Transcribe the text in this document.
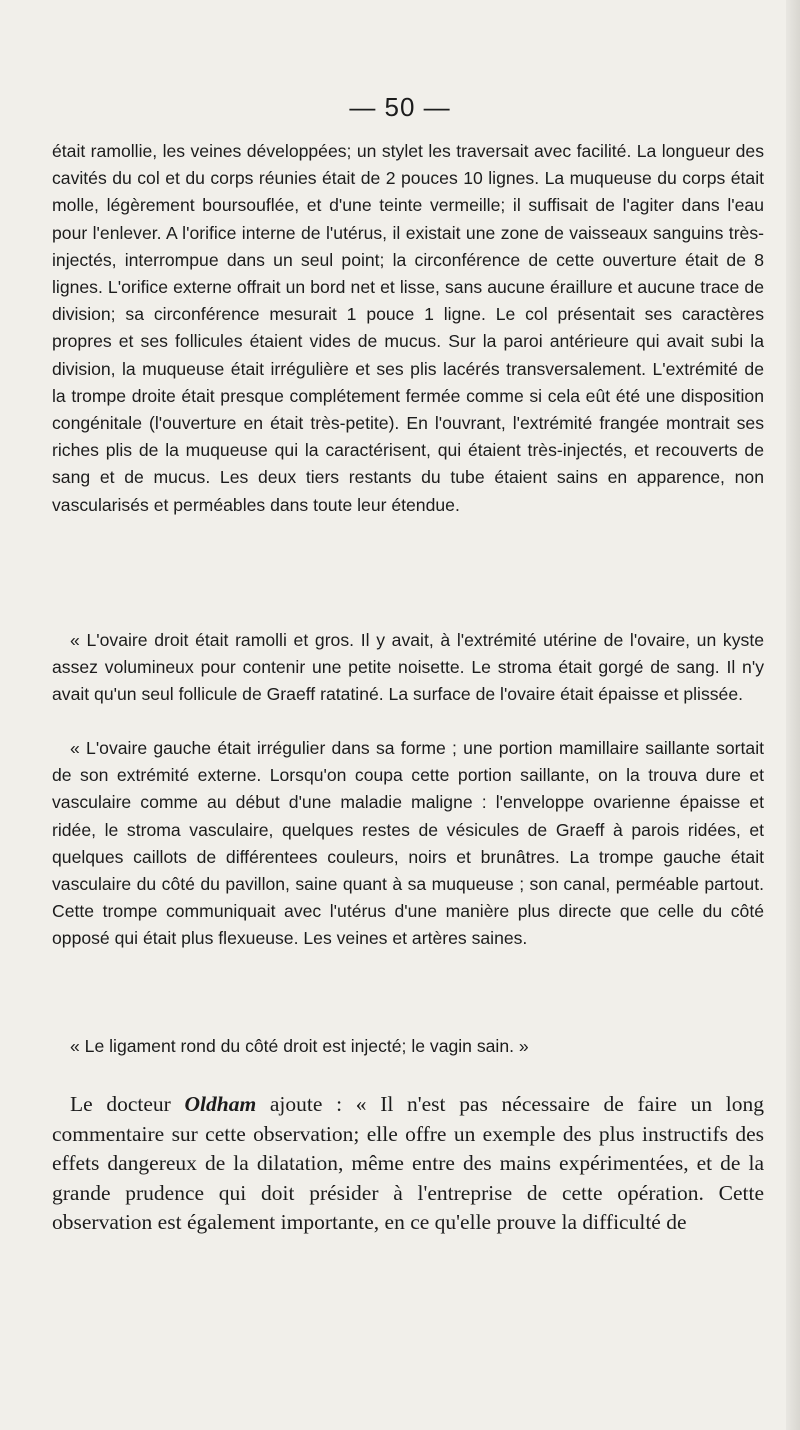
— 50 —

était ramollie, les veines développées; un stylet les traversait avec facilité. La longueur des cavités du col et du corps réunies était de 2 pouces 10 lignes. La muqueuse du corps était molle, légèrement boursouflée, et d'une teinte vermeille; il suffisait de l'agiter dans l'eau pour l'enlever. A l'orifice interne de l'utérus, il existait une zone de vaisseaux sanguins très-injectés, interrompue dans un seul point; la circonférence de cette ouverture était de 8 lignes. L'orifice externe offrait un bord net et lisse, sans aucune éraillure et aucune trace de division; sa circonférence mesurait 1 pouce 1 ligne. Le col présentait ses caractères propres et ses follicules étaient vides de mucus. Sur la paroi antérieure qui avait subi la division, la muqueuse était irrégulière et ses plis lacérés transversalement. L'extrémité de la trompe droite était presque complétement fermée comme si cela eût été une disposition congénitale (l'ouverture en était très-petite). En l'ouvrant, l'extrémité frangée montrait ses riches plis de la muqueuse qui la caractérisent, qui étaient très-injectés, et recouverts de sang et de mucus. Les deux tiers restants du tube étaient sains en apparence, non vascularisés et perméables dans toute leur étendue.

« L'ovaire droit était ramolli et gros. Il y avait, à l'extrémité utérine de l'ovaire, un kyste assez volumineux pour contenir une petite noisette. Le stroma était gorgé de sang. Il n'y avait qu'un seul follicule de Graeff ratatiné. La surface de l'ovaire était épaisse et plissée.

« L'ovaire gauche était irrégulier dans sa forme ; une portion mamillaire saillante sortait de son extrémité externe. Lorsqu'on coupa cette portion saillante, on la trouva dure et vasculaire comme au début d'une maladie maligne : l'enveloppe ovarienne épaisse et ridée, le stroma vasculaire, quelques restes de vésicules de Graeff à parois ridées, et quelques caillots de différentees couleurs, noirs et brunâtres. La trompe gauche était vasculaire du côté du pavillon, saine quant à sa muqueuse ; son canal, perméable partout. Cette trompe communiquait avec l'utérus d'une manière plus directe que celle du côté opposé qui était plus flexueuse. Les veines et artères saines.

« Le ligament rond du côté droit est injecté; le vagin sain. »

Le docteur Oldham ajoute : « Il n'est pas nécessaire de faire un long commentaire sur cette observation; elle offre un exemple des plus instructifs des effets dangereux de la dilatation, même entre des mains expérimentées, et de la grande prudence qui doit présider à l'entreprise de cette opération. Cette observation est également importante, en ce qu'elle prouve la difficulté de
